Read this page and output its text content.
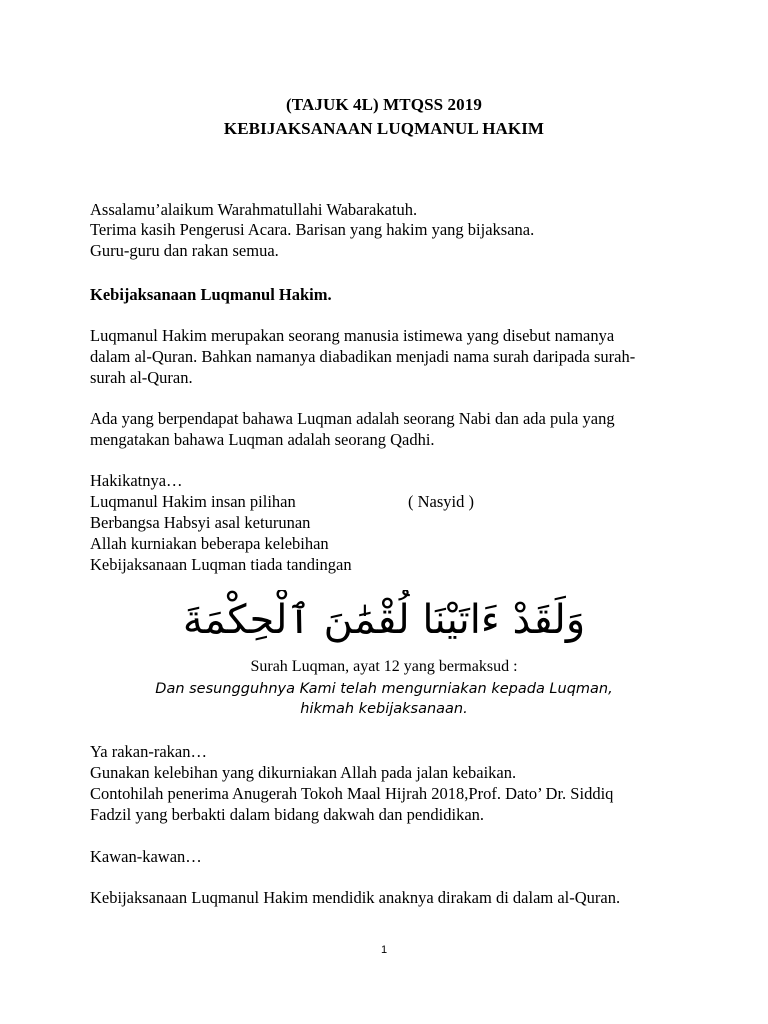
(TAJUK 4L) MTQSS 2019
KEBIJAKSANAAN LUQMANUL HAKIM
Assalamu’alaikum Warahmatullahi Wabarakatuh.
Terima kasih Pengerusi Acara. Barisan yang hakim yang bijaksana.
Guru-guru dan rakan semua.
Kebijaksanaan Luqmanul Hakim.
Luqmanul Hakim merupakan seorang manusia istimewa yang disebut namanya
dalam al-Quran. Bahkan namanya diabadikan menjadi nama surah daripada surah-
surah al-Quran.
Ada yang berpendapat bahawa Luqman adalah seorang Nabi dan ada pula yang
mengatakan bahawa Luqman adalah seorang Qadhi.
Hakikatnya…
Luqmanul Hakim insan pilihan	( Nasyid )
Berbangsa Habsyi asal keturunan
Allah kurniakan beberapa kelebihan
Kebijaksanaan Luqman tiada tandingan
وَلَقَدْ ءَاتَيْنَا لُقْمَٰنَ ٱلْحِكْمَةَ
Surah Luqman, ayat 12 yang bermaksud :
Dan sesungguhnya Kami telah mengurniakan kepada Luqman,
hikmah kebijaksanaan.
Ya rakan-rakan…
Gunakan kelebihan yang dikurniakan Allah pada jalan kebaikan.
Contohilah penerima Anugerah Tokoh Maal Hijrah 2018,Prof. Dato’ Dr. Siddiq
Fadzil yang berbakti dalam bidang dakwah dan pendidikan.
Kawan-kawan…
Kebijaksanaan Luqmanul Hakim mendidik anaknya dirakam di dalam al-Quran.
1
